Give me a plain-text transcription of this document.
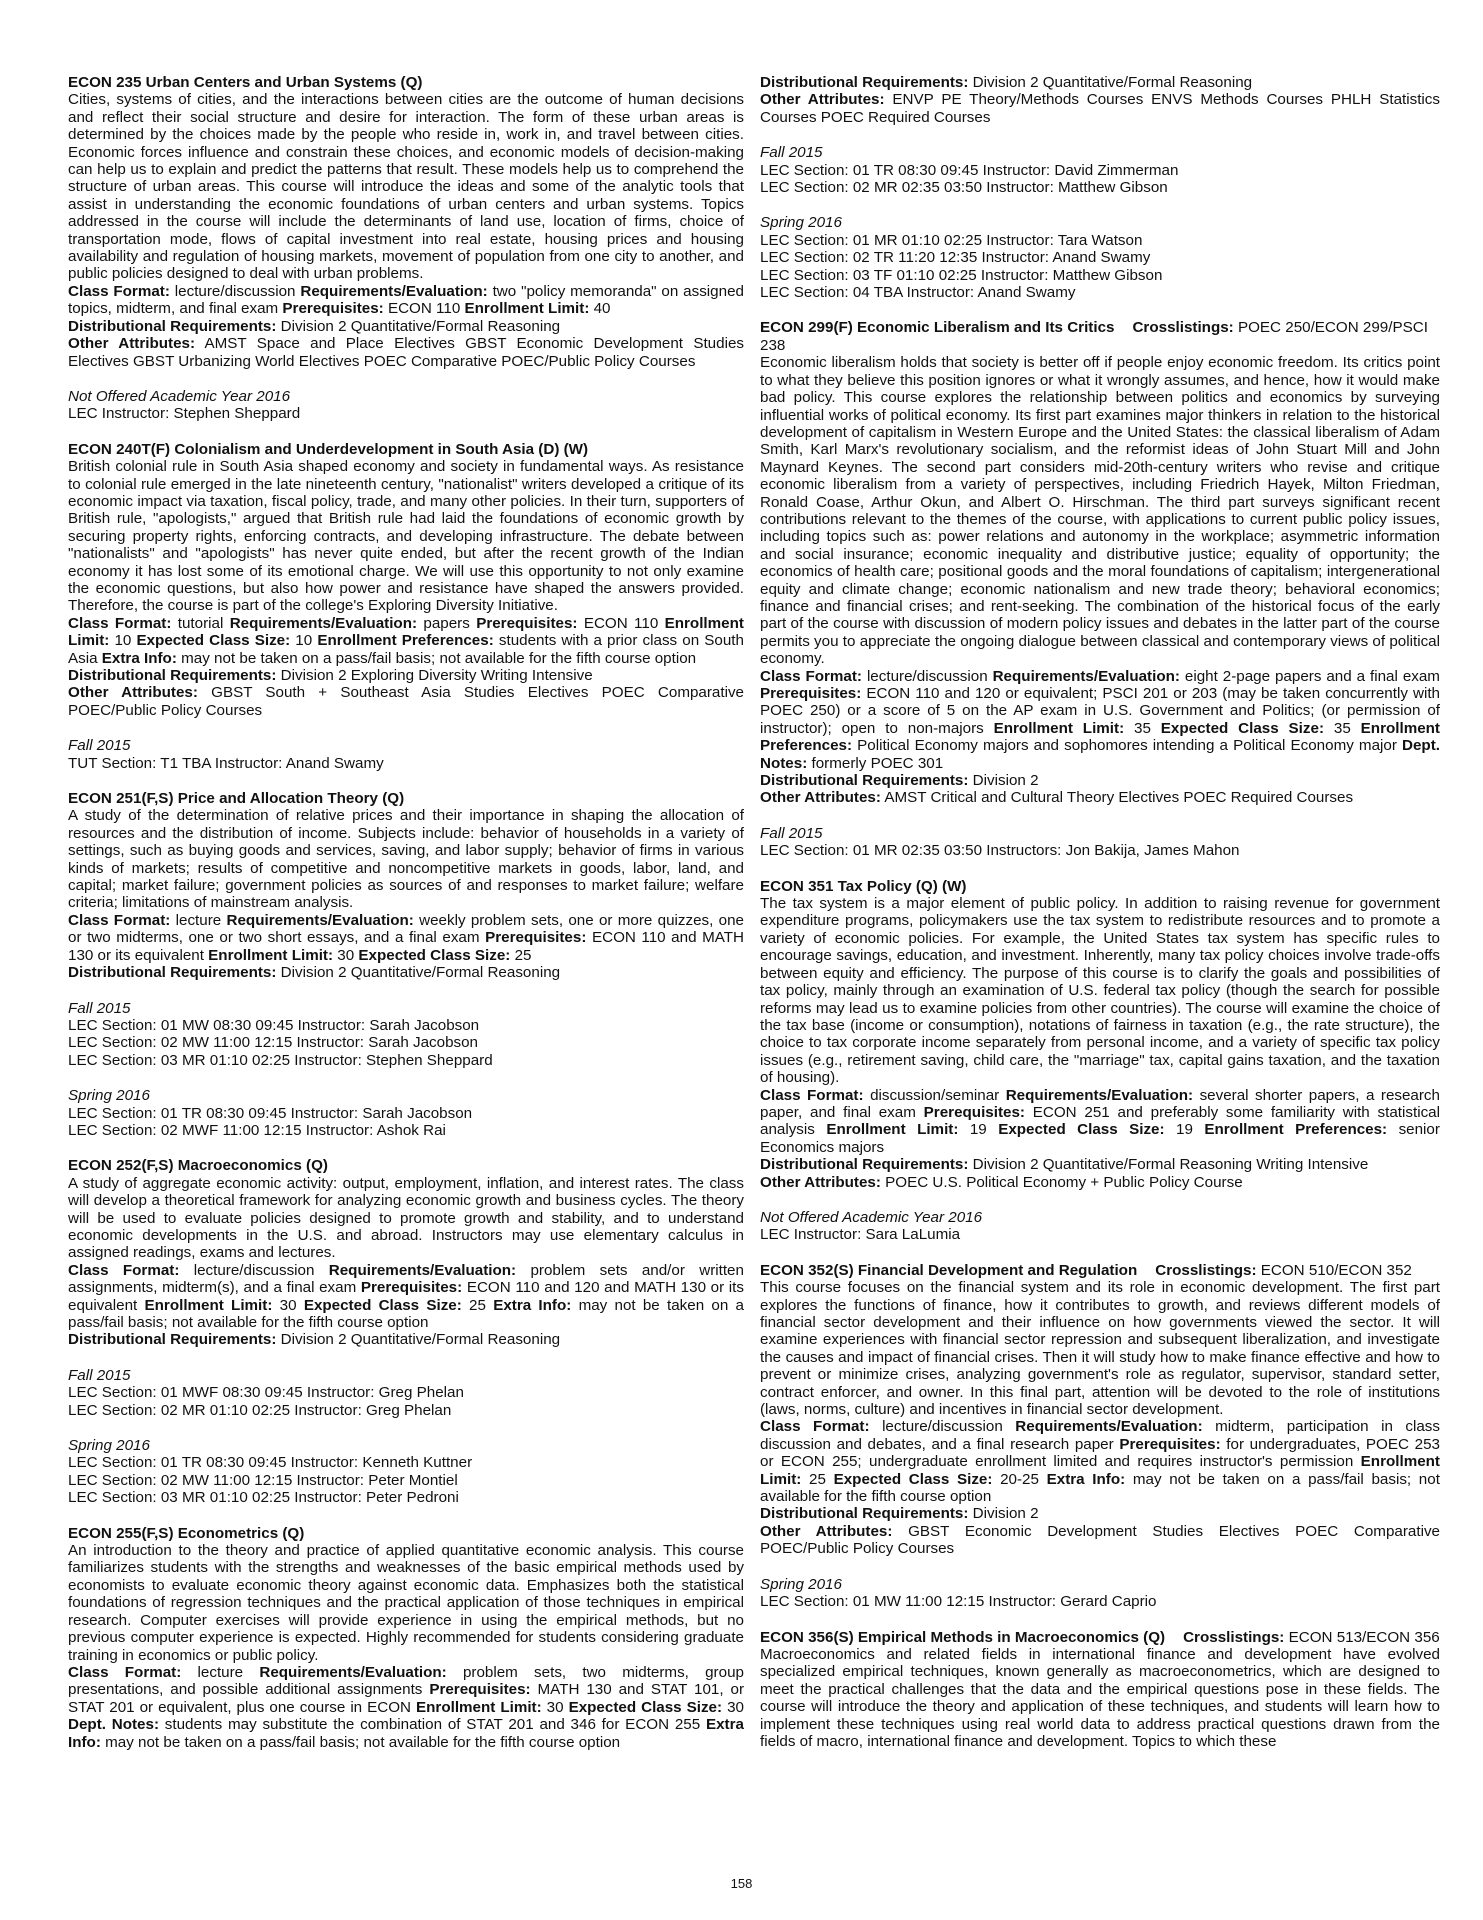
ECON 235 Urban Centers and Urban Systems (Q)

Cities, systems of cities, and the interactions between cities are the outcome of human decisions and reflect their social structure and desire for interaction. The form of these urban areas is determined by the choices made by the people who reside in, work in, and travel between cities. Economic forces influence and constrain these choices, and economic models of decision-making can help us to explain and predict the patterns that result. These models help us to comprehend the structure of urban areas. This course will introduce the ideas and some of the analytic tools that assist in understanding the economic foundations of urban centers and urban systems. Topics addressed in the course will include the determinants of land use, location of firms, choice of transportation mode, flows of capital investment into real estate, housing prices and housing availability and regulation of housing markets, movement of population from one city to another, and public policies designed to deal with urban problems.

Class Format: lecture/discussion Requirements/Evaluation: two "policy memoranda" on assigned topics, midterm, and final exam Prerequisites: ECON 110 Enrollment Limit: 40

Distributional Requirements: Division 2 Quantitative/Formal Reasoning

Other Attributes: AMST Space and Place Electives GBST Economic Development Studies Electives GBST Urbanizing World Electives POEC Comparative POEC/Public Policy Courses

Not Offered Academic Year 2016
LEC Instructor: Stephen Sheppard
ECON 240T(F) Colonialism and Underdevelopment in South Asia (D) (W)

British colonial rule in South Asia shaped economy and society in fundamental ways. As resistance to colonial rule emerged in the late nineteenth century, "nationalist" writers developed a critique of its economic impact via taxation, fiscal policy, trade, and many other policies. In their turn, supporters of British rule, "apologists," argued that British rule had laid the foundations of economic growth by securing property rights, enforcing contracts, and developing infrastructure. The debate between "nationalists" and "apologists" has never quite ended, but after the recent growth of the Indian economy it has lost some of its emotional charge. We will use this opportunity to not only examine the economic questions, but also how power and resistance have shaped the answers provided. Therefore, the course is part of the college's Exploring Diversity Initiative.

Class Format: tutorial Requirements/Evaluation: papers Prerequisites: ECON 110 Enrollment Limit: 10 Expected Class Size: 10 Enrollment Preferences: students with a prior class on South Asia Extra Info: may not be taken on a pass/fail basis; not available for the fifth course option

Distributional Requirements: Division 2 Exploring Diversity Writing Intensive

Other Attributes: GBST South + Southeast Asia Studies Electives POEC Comparative POEC/Public Policy Courses

Fall 2015
TUT Section: T1 TBA Instructor: Anand Swamy
ECON 251(F,S) Price and Allocation Theory (Q)

A study of the determination of relative prices and their importance in shaping the allocation of resources and the distribution of income. Subjects include: behavior of households in a variety of settings, such as buying goods and services, saving, and labor supply; behavior of firms in various kinds of markets; results of competitive and noncompetitive markets in goods, labor, land, and capital; market failure; government policies as sources of and responses to market failure; welfare criteria; limitations of mainstream analysis.

Class Format: lecture Requirements/Evaluation: weekly problem sets, one or more quizzes, one or two midterms, one or two short essays, and a final exam Prerequisites: ECON 110 and MATH 130 or its equivalent Enrollment Limit: 30 Expected Class Size: 25

Distributional Requirements: Division 2 Quantitative/Formal Reasoning

Fall 2015
LEC Section: 01 MW 08:30 09:45 Instructor: Sarah Jacobson
LEC Section: 02 MW 11:00 12:15 Instructor: Sarah Jacobson
LEC Section: 03 MR 01:10 02:25 Instructor: Stephen Sheppard
Spring 2016
LEC Section: 01 TR 08:30 09:45 Instructor: Sarah Jacobson
LEC Section: 02 MWF 11:00 12:15 Instructor: Ashok Rai
ECON 252(F,S) Macroeconomics (Q)

A study of aggregate economic activity: output, employment, inflation, and interest rates. The class will develop a theoretical framework for analyzing economic growth and business cycles. The theory will be used to evaluate policies designed to promote growth and stability, and to understand economic developments in the U.S. and abroad. Instructors may use elementary calculus in assigned readings, exams and lectures.

Class Format: lecture/discussion Requirements/Evaluation: problem sets and/or written assignments, midterm(s), and a final exam Prerequisites: ECON 110 and 120 and MATH 130 or its equivalent Enrollment Limit: 30 Expected Class Size: 25 Extra Info: may not be taken on a pass/fail basis; not available for the fifth course option

Distributional Requirements: Division 2 Quantitative/Formal Reasoning

Fall 2015
LEC Section: 01 MWF 08:30 09:45 Instructor: Greg Phelan
LEC Section: 02 MR 01:10 02:25 Instructor: Greg Phelan
Spring 2016
LEC Section: 01 TR 08:30 09:45 Instructor: Kenneth Kuttner
LEC Section: 02 MW 11:00 12:15 Instructor: Peter Montiel
LEC Section: 03 MR 01:10 02:25 Instructor: Peter Pedroni
ECON 255(F,S) Econometrics (Q)

An introduction to the theory and practice of applied quantitative economic analysis. This course familiarizes students with the strengths and weaknesses of the basic empirical methods used by economists to evaluate economic theory against economic data. Emphasizes both the statistical foundations of regression techniques and the practical application of those techniques in empirical research. Computer exercises will provide experience in using the empirical methods, but no previous computer experience is expected. Highly recommended for students considering graduate training in economics or public policy.

Class Format: lecture Requirements/Evaluation: problem sets, two midterms, group presentations, and possible additional assignments Prerequisites: MATH 130 and STAT 101, or STAT 201 or equivalent, plus one course in ECON Enrollment Limit: 30 Expected Class Size: 30 Dept. Notes: students may substitute the combination of STAT 201 and 346 for ECON 255 Extra Info: may not be taken on a pass/fail basis; not available for the fifth course option

Distributional Requirements: Division 2 Quantitative/Formal Reasoning

Other Attributes: ENVP PE Theory/Methods Courses ENVS Methods Courses PHLH Statistics Courses POEC Required Courses

Fall 2015
LEC Section: 01 TR 08:30 09:45 Instructor: David Zimmerman
LEC Section: 02 MR 02:35 03:50 Instructor: Matthew Gibson
Spring 2016
LEC Section: 01 MR 01:10 02:25 Instructor: Tara Watson
LEC Section: 02 TR 11:20 12:35 Instructor: Anand Swamy
LEC Section: 03 TF 01:10 02:25 Instructor: Matthew Gibson
LEC Section: 04 TBA Instructor: Anand Swamy
ECON 299(F) Economic Liberalism and Its Critics Crosslistings: POEC 250/ECON 299/PSCI 238

Economic liberalism holds that society is better off if people enjoy economic freedom. Its critics point to what they believe this position ignores or what it wrongly assumes, and hence, how it would make bad policy. This course explores the relationship between politics and economics by surveying influential works of political economy. Its first part examines major thinkers in relation to the historical development of capitalism in Western Europe and the United States: the classical liberalism of Adam Smith, Karl Marx's revolutionary socialism, and the reformist ideas of John Stuart Mill and John Maynard Keynes. The second part considers mid-20th-century writers who revise and critique economic liberalism from a variety of perspectives, including Friedrich Hayek, Milton Friedman, Ronald Coase, Arthur Okun, and Albert O. Hirschman. The third part surveys significant recent contributions relevant to the themes of the course, with applications to current public policy issues, including topics such as: power relations and autonomy in the workplace; asymmetric information and social insurance; economic inequality and distributive justice; equality of opportunity; the economics of health care; positional goods and the moral foundations of capitalism; intergenerational equity and climate change; economic nationalism and new trade theory; behavioral economics; finance and financial crises; and rent-seeking. The combination of the historical focus of the early part of the course with discussion of modern policy issues and debates in the latter part of the course permits you to appreciate the ongoing dialogue between classical and contemporary views of political economy.

Class Format: lecture/discussion Requirements/Evaluation: eight 2-page papers and a final exam Prerequisites: ECON 110 and 120 or equivalent; PSCI 201 or 203 (may be taken concurrently with POEC 250) or a score of 5 on the AP exam in U.S. Government and Politics; (or permission of instructor); open to non-majors Enrollment Limit: 35 Expected Class Size: 35 Enrollment Preferences: Political Economy majors and sophomores intending a Political Economy major Dept. Notes: formerly POEC 301

Distributional Requirements: Division 2

Other Attributes: AMST Critical and Cultural Theory Electives POEC Required Courses

Fall 2015
LEC Section: 01 MR 02:35 03:50 Instructors: Jon Bakija, James Mahon
ECON 351 Tax Policy (Q) (W)

The tax system is a major element of public policy. In addition to raising revenue for government expenditure programs, policymakers use the tax system to redistribute resources and to promote a variety of economic policies. For example, the United States tax system has specific rules to encourage savings, education, and investment. Inherently, many tax policy choices involve trade-offs between equity and efficiency. The purpose of this course is to clarify the goals and possibilities of tax policy, mainly through an examination of U.S. federal tax policy (though the search for possible reforms may lead us to examine policies from other countries). The course will examine the choice of the tax base (income or consumption), notations of fairness in taxation (e.g., the rate structure), the choice to tax corporate income separately from personal income, and a variety of specific tax policy issues (e.g., retirement saving, child care, the "marriage" tax, capital gains taxation, and the taxation of housing).

Class Format: discussion/seminar Requirements/Evaluation: several shorter papers, a research paper, and final exam Prerequisites: ECON 251 and preferably some familiarity with statistical analysis Enrollment Limit: 19 Expected Class Size: 19 Enrollment Preferences: senior Economics majors

Distributional Requirements: Division 2 Quantitative/Formal Reasoning Writing Intensive

Other Attributes: POEC U.S. Political Economy + Public Policy Course

Not Offered Academic Year 2016
LEC Instructor: Sara LaLumia
ECON 352(S) Financial Development and Regulation Crosslistings: ECON 510/ECON 352

This course focuses on the financial system and its role in economic development. The first part explores the functions of finance, how it contributes to growth, and reviews different models of financial sector development and their influence on how governments viewed the sector. It will examine experiences with financial sector repression and subsequent liberalization, and investigate the causes and impact of financial crises. Then it will study how to make finance effective and how to prevent or minimize crises, analyzing government's role as regulator, supervisor, standard setter, contract enforcer, and owner. In this final part, attention will be devoted to the role of institutions (laws, norms, culture) and incentives in financial sector development.

Class Format: lecture/discussion Requirements/Evaluation: midterm, participation in class discussion and debates, and a final research paper Prerequisites: for undergraduates, POEC 253 or ECON 255; undergraduate enrollment limited and requires instructor's permission Enrollment Limit: 25 Expected Class Size: 20-25 Extra Info: may not be taken on a pass/fail basis; not available for the fifth course option

Distributional Requirements: Division 2

Other Attributes: GBST Economic Development Studies Electives POEC Comparative POEC/Public Policy Courses

Spring 2016
LEC Section: 01 MW 11:00 12:15 Instructor: Gerard Caprio
ECON 356(S) Empirical Methods in Macroeconomics (Q) Crosslistings: ECON 513/ECON 356

Macroeconomics and related fields in international finance and development have evolved specialized empirical techniques, known generally as macroeconometrics, which are designed to meet the practical challenges that the data and the empirical questions pose in these fields. The course will introduce the theory and application of these techniques, and students will learn how to implement these techniques using real world data to address practical questions drawn from the fields of macro, international finance and development. Topics to which these

158
